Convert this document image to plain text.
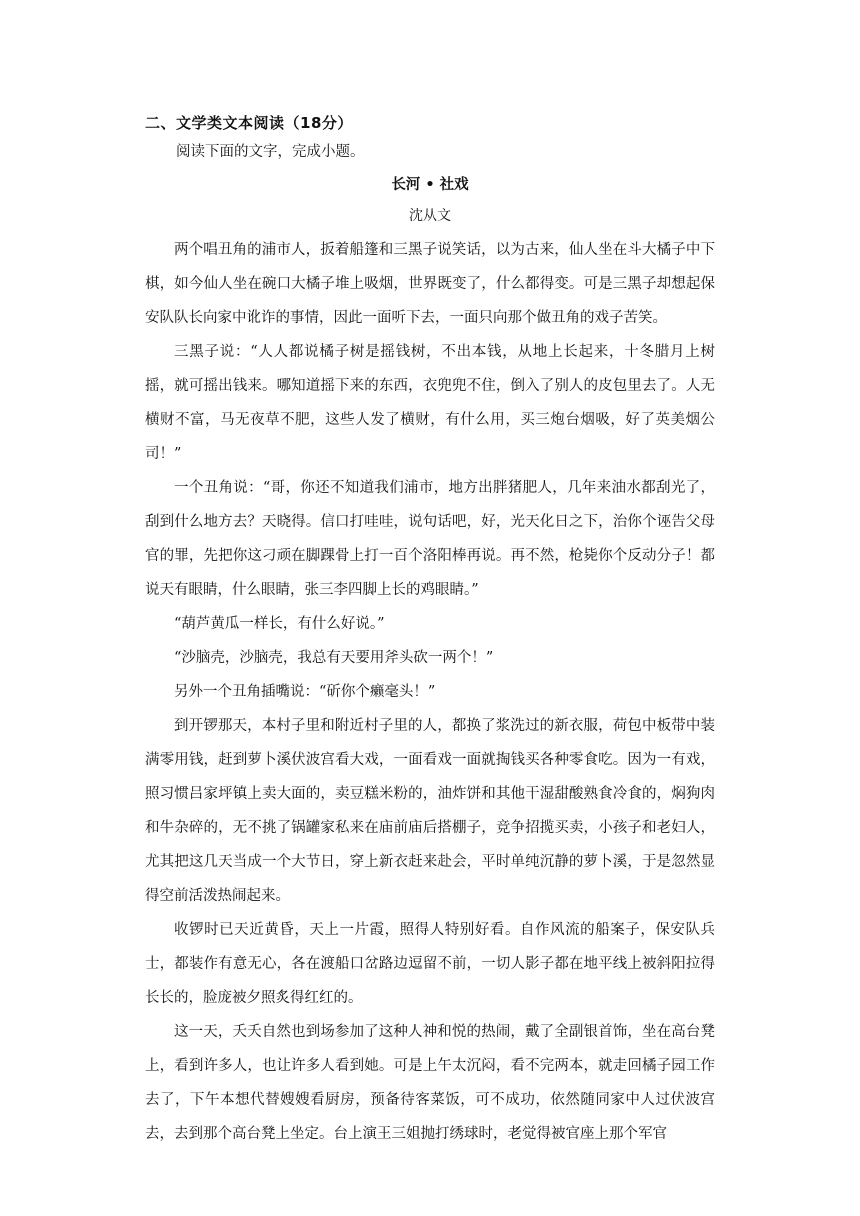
二、文学类文本阅读（18分）
阅读下面的文字，完成小题。
长河 • 社戏
沈从文

两个唱丑角的浦市人，扳着船篷和三黑子说笑话，以为古来，仙人坐在斗大橘子中下棋，如今仙人坐在碗口大橘子堆上吸烟，世界既变了，什么都得变。可是三黑子却想起保安队队长向家中讹诈的事情，因此一面听下去，一面只向那个做丑角的戏子苦笑。

三黑子说：“人人都说橘子树是摇钱树，不出本钱，从地上长起来，十冬腊月上树摇，就可摇出钱来。哪知道摇下来的东西，衣兜兜不住，倒入了别人的皮包里去了。人无横财不富，马无夜草不肥，这些人发了横财，有什么用，买三炮台烟吸，好了英美烟公司！”

一个丑角说：“哥，你还不知道我们浦市，地方出胖猪肥人，几年来油水都刮光了，刮到什么地方去？天晓得。信口打哇哇，说句话吧，好，光天化日之下，治你个诬告父母官的罪，先把你这刁顽在脚踝骨上打一百个洛阳棒再说。再不然，枪毙你个反动分子！都说天有眼睛，什么眼睛，张三李四脚上长的鸡眼睛。”

“葫芦黄瓜一样长，有什么好说。”

“沙脑壳，沙脑壳，我总有天要用斧头砍一两个！”

另外一个丑角插嘴说：“斫你个癞毫头！”

到开锣那天，本村子里和附近村子里的人，都换了浆洗过的新衣服，荷包中板带中装满零用钱，赶到萝卜溪伏波宫看大戏，一面看戏一面就掏钱买各种零食吃。因为一有戏，照习惯吕家坪镇上卖大面的，卖豆糕米粉的，油炸饼和其他干湿甜酸熟食冷食的，焖狗肉和牛杂碎的，无不挑了锅罐家私来在庙前庙后搭棚子，竞争招揽买卖，小孩子和老妇人，尤其把这几天当成一个大节日，穿上新衣赶来赴会，平时单纯沉静的萝卜溪，于是忽然显得空前活泼热闹起来。

收锣时已天近黄昏，天上一片霞，照得人特别好看。自作风流的船案子，保安队兵士，都装作有意无心，各在渡船口岔路边逗留不前，一切人影子都在地平线上被斜阳拉得长长的，脸庞被夕照炙得红红的。

这一天，夭夭自然也到场参加了这种人神和悦的热闹，戴了全副银首饰，坐在高台凳上，看到许多人，也让许多人看到她。可是上午太沉闷，看不完两本，就走回橘子园工作去了，下午本想代替嫂嫂看厨房，预备待客菜饭，可不成功，依然随同家中人过伏波宫去，去到那个高台凳上坐定。台上演王三姐抛打绣球时，老觉得被官座上那个军官
